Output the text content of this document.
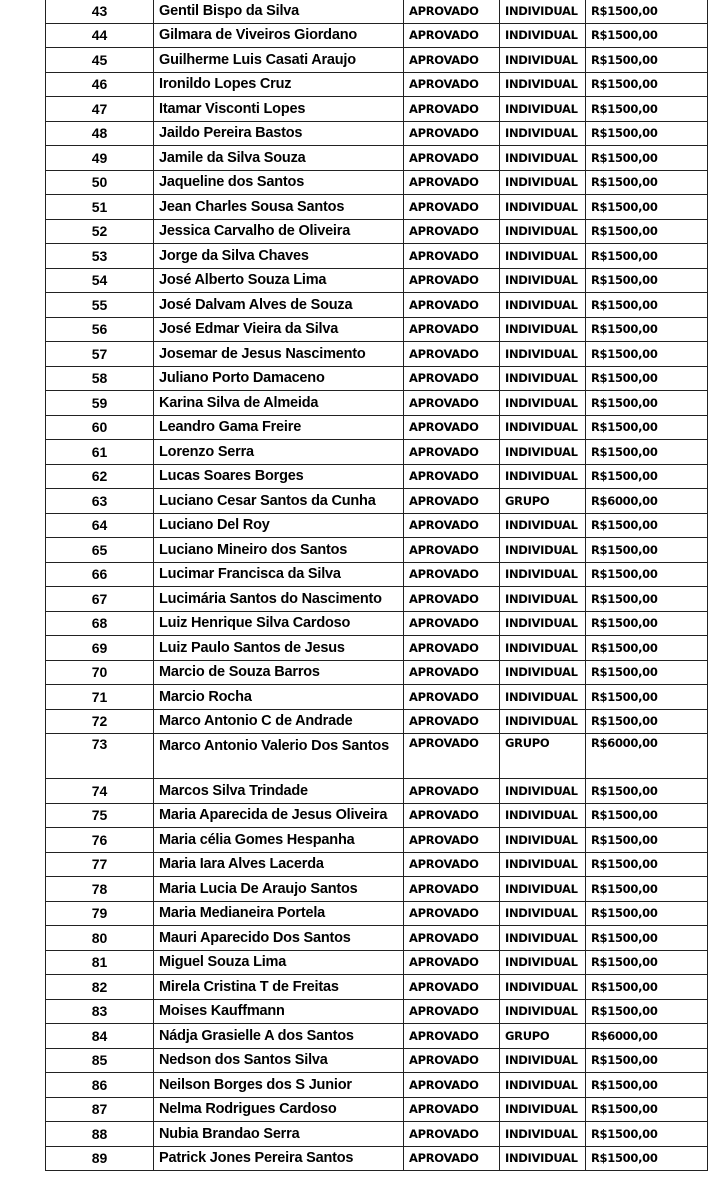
43	Gentil Bispo da Silva	APROVADO	INDIVIDUAL	R$1500,00
44	Gilmara de Viveiros Giordano	APROVADO	INDIVIDUAL	R$1500,00
45	Guilherme Luis Casati Araujo	APROVADO	INDIVIDUAL	R$1500,00
46	Ironildo Lopes Cruz	APROVADO	INDIVIDUAL	R$1500,00
47	Itamar Visconti Lopes	APROVADO	INDIVIDUAL	R$1500,00
48	Jaildo Pereira Bastos	APROVADO	INDIVIDUAL	R$1500,00
49	Jamile da Silva Souza	APROVADO	INDIVIDUAL	R$1500,00
50	Jaqueline dos Santos	APROVADO	INDIVIDUAL	R$1500,00
51	Jean Charles Sousa Santos	APROVADO	INDIVIDUAL	R$1500,00
52	Jessica Carvalho de Oliveira	APROVADO	INDIVIDUAL	R$1500,00
53	Jorge da Silva Chaves	APROVADO	INDIVIDUAL	R$1500,00
54	José Alberto Souza Lima	APROVADO	INDIVIDUAL	R$1500,00
55	José Dalvam Alves de Souza	APROVADO	INDIVIDUAL	R$1500,00
56	José Edmar Vieira da Silva	APROVADO	INDIVIDUAL	R$1500,00
57	Josemar de Jesus Nascimento	APROVADO	INDIVIDUAL	R$1500,00
58	Juliano Porto Damaceno	APROVADO	INDIVIDUAL	R$1500,00
59	Karina Silva de Almeida	APROVADO	INDIVIDUAL	R$1500,00
60	Leandro Gama Freire	APROVADO	INDIVIDUAL	R$1500,00
61	Lorenzo Serra	APROVADO	INDIVIDUAL	R$1500,00
62	Lucas Soares Borges	APROVADO	INDIVIDUAL	R$1500,00
63	Luciano Cesar Santos da Cunha	APROVADO	GRUPO	R$6000,00
64	Luciano Del Roy	APROVADO	INDIVIDUAL	R$1500,00
65	Luciano Mineiro dos Santos	APROVADO	INDIVIDUAL	R$1500,00
66	Lucimar Francisca da Silva	APROVADO	INDIVIDUAL	R$1500,00
67	Lucimária Santos do Nascimento	APROVADO	INDIVIDUAL	R$1500,00
68	Luiz Henrique Silva Cardoso	APROVADO	INDIVIDUAL	R$1500,00
69	Luiz Paulo Santos de Jesus	APROVADO	INDIVIDUAL	R$1500,00
70	Marcio de Souza Barros	APROVADO	INDIVIDUAL	R$1500,00
71	Marcio Rocha	APROVADO	INDIVIDUAL	R$1500,00
72	Marco Antonio C de Andrade	APROVADO	INDIVIDUAL	R$1500,00
73	Marco Antonio Valerio Dos Santos	APROVADO	GRUPO	R$6000,00
74	Marcos Silva Trindade	APROVADO	INDIVIDUAL	R$1500,00
75	Maria Aparecida de Jesus Oliveira	APROVADO	INDIVIDUAL	R$1500,00
76	Maria célia Gomes Hespanha	APROVADO	INDIVIDUAL	R$1500,00
77	Maria Iara Alves Lacerda	APROVADO	INDIVIDUAL	R$1500,00
78	Maria Lucia De Araujo Santos	APROVADO	INDIVIDUAL	R$1500,00
79	Maria Medianeira Portela	APROVADO	INDIVIDUAL	R$1500,00
80	Mauri Aparecido Dos Santos	APROVADO	INDIVIDUAL	R$1500,00
81	Miguel Souza Lima	APROVADO	INDIVIDUAL	R$1500,00
82	Mirela Cristina T de Freitas	APROVADO	INDIVIDUAL	R$1500,00
83	Moises Kauffmann	APROVADO	INDIVIDUAL	R$1500,00
84	Nádja Grasielle A dos Santos	APROVADO	GRUPO	R$6000,00
85	Nedson dos Santos Silva	APROVADO	INDIVIDUAL	R$1500,00
86	Neilson Borges dos S Junior	APROVADO	INDIVIDUAL	R$1500,00
87	Nelma Rodrigues Cardoso	APROVADO	INDIVIDUAL	R$1500,00
88	Nubia Brandao Serra	APROVADO	INDIVIDUAL	R$1500,00
89	Patrick Jones Pereira Santos	APROVADO	INDIVIDUAL	R$1500,00
